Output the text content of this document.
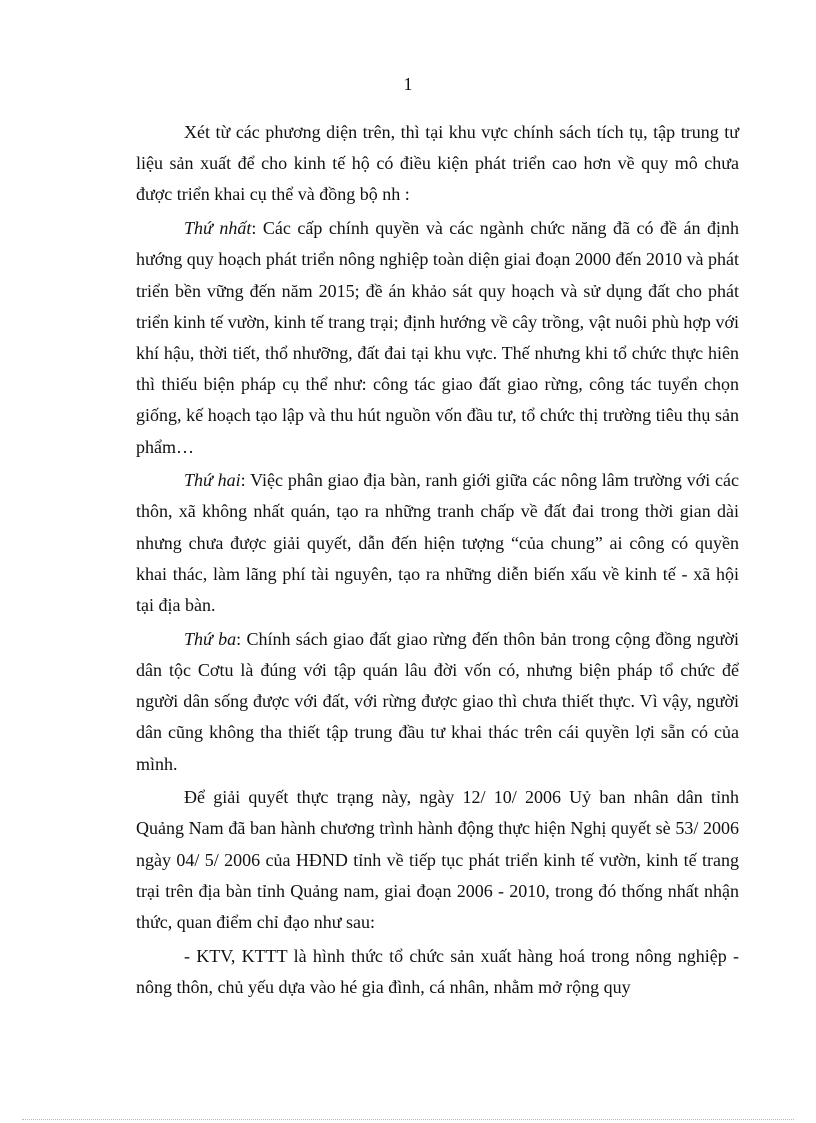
1

Xét từ các phương diện trên, thì tại khu vực chính sách tích tụ, tập trung tư liệu sản xuất để cho kinh tế hộ có điều kiện phát triển cao hơn về quy mô chưa được triển khai cụ thể và đồng bộ nh :

Thứ nhất: Các cấp chính quyền và các ngành chức năng đã có đề án định hướng quy hoạch phát triển nông nghiệp toàn diện giai đoạn 2000 đến 2010 và phát triển bền vững đến năm 2015; đề án khảo sát quy hoạch và sử dụng đất cho phát triển kinh tế vườn, kinh tế trang trại; định hướng về cây trồng, vật nuôi phù hợp với khí hậu, thời tiết, thổ nhưỡng, đất đai tại khu vực. Thế nhưng khi tổ chức thực hiên thì thiếu biện pháp cụ thể như: công tác giao đất giao rừng, công tác tuyển chọn giống, kế hoạch tạo lập và thu hút nguồn vốn đầu tư, tổ chức thị trường tiêu thụ sản phẩm…

Thứ hai: Việc phân giao địa bàn, ranh giới giữa các nông lâm trường với các thôn, xã không nhất quán, tạo ra những tranh chấp về đất đai trong thời gian dài nhưng chưa được giải quyết, dẫn đến hiện tượng “của chung” ai công có quyền khai thác, làm lãng phí tài nguyên, tạo ra những diễn biến xấu về kinh tế - xã hội tại địa bàn.

Thứ ba: Chính sách giao đất giao rừng đến thôn bản trong cộng đồng người dân tộc Cơtu là đúng với tập quán lâu đời vốn có, nhưng biện pháp tổ chức để người dân sống được với đất, với rừng được giao thì chưa thiết thực. Vì vậy, người dân cũng không tha thiết tập trung đầu tư khai thác trên cái quyền lợi sẵn có của mình.

Để giải quyết thực trạng này, ngày 12/ 10/ 2006 Uỷ ban nhân dân tỉnh Quảng Nam đã ban hành chương trình hành động thực hiện Nghị quyết sè 53/ 2006 ngày 04/ 5/ 2006 của HĐND tỉnh về tiếp tục phát triển kinh tế vườn, kinh tế trang trại trên địa bàn tỉnh Quảng nam, giai đoạn 2006 - 2010, trong đó thống nhất nhận thức, quan điểm chỉ đạo như sau:

- KTV, KTTT là hình thức tổ chức sản xuất hàng hoá trong nông nghiệp - nông thôn, chủ yếu dựa vào hé gia đình, cá nhân, nhằm mở rộng quy
